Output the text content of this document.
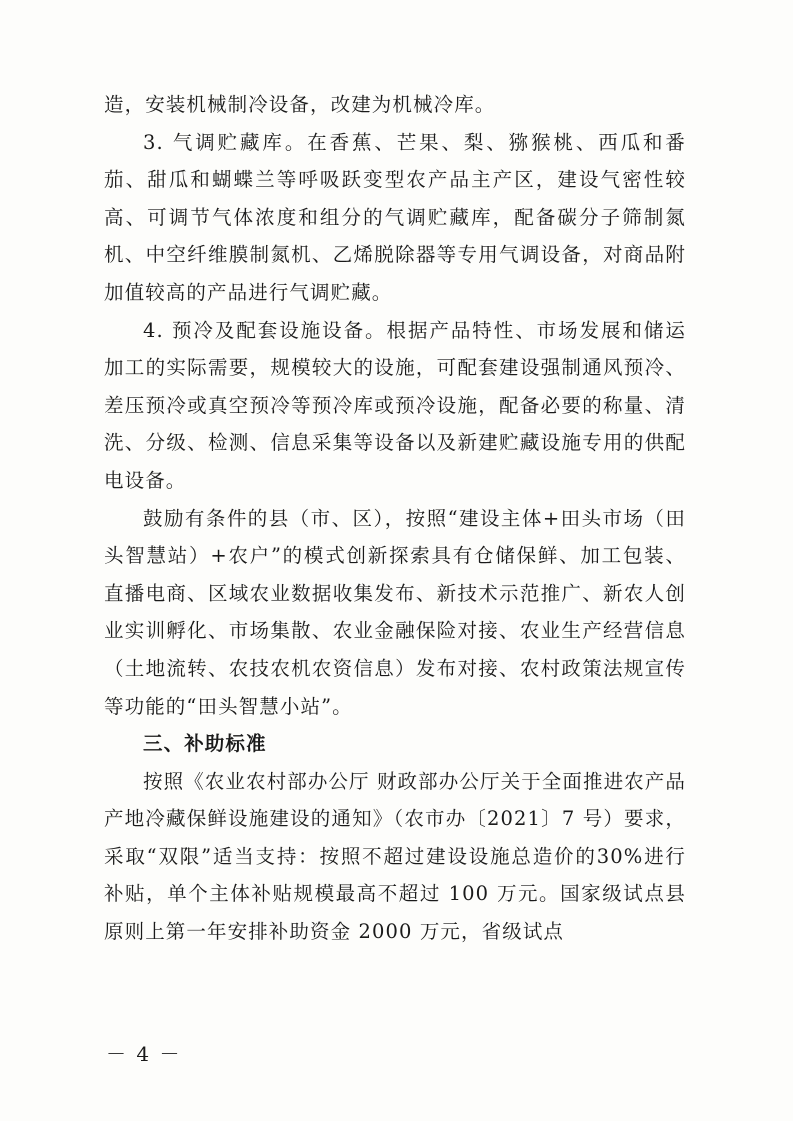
造，安装机械制冷设备，改建为机械冷库。

3. 气调贮藏库。在香蕉、芒果、梨、猕猴桃、西瓜和番茄、甜瓜和蝴蝶兰等呼吸跃变型农产品主产区，建设气密性较高、可调节气体浓度和组分的气调贮藏库，配备碳分子筛制氮机、中空纤维膜制氮机、乙烯脱除器等专用气调设备，对商品附加值较高的产品进行气调贮藏。

4. 预冷及配套设施设备。根据产品特性、市场发展和储运加工的实际需要，规模较大的设施，可配套建设强制通风预冷、差压预冷或真空预冷等预冷库或预冷设施，配备必要的称量、清洗、分级、检测、信息采集等设备以及新建贮藏设施专用的供配电设备。

鼓励有条件的县（市、区），按照“建设主体+田头市场（田头智慧站）+农户”的模式创新探索具有仓储保鲜、加工包装、直播电商、区域农业数据收集发布、新技术示范推广、新农人创业实训孵化、市场集散、农业金融保险对接、农业生产经营信息（土地流转、农技农机农资信息）发布对接、农村政策法规宣传等功能的“田头智慧小站”。

三、补助标准

按照《农业农村部办公厅 财政部办公厅关于全面推进农产品产地冷藏保鲜设施建设的通知》（农市办〔2021〕7 号）要求，采取“双限”适当支持：按照不超过建设设施总造价的30%进行补贴，单个主体补贴规模最高不超过 100 万元。国家级试点县原则上第一年安排补助资金 2000 万元，省级试点

－ 4 －
